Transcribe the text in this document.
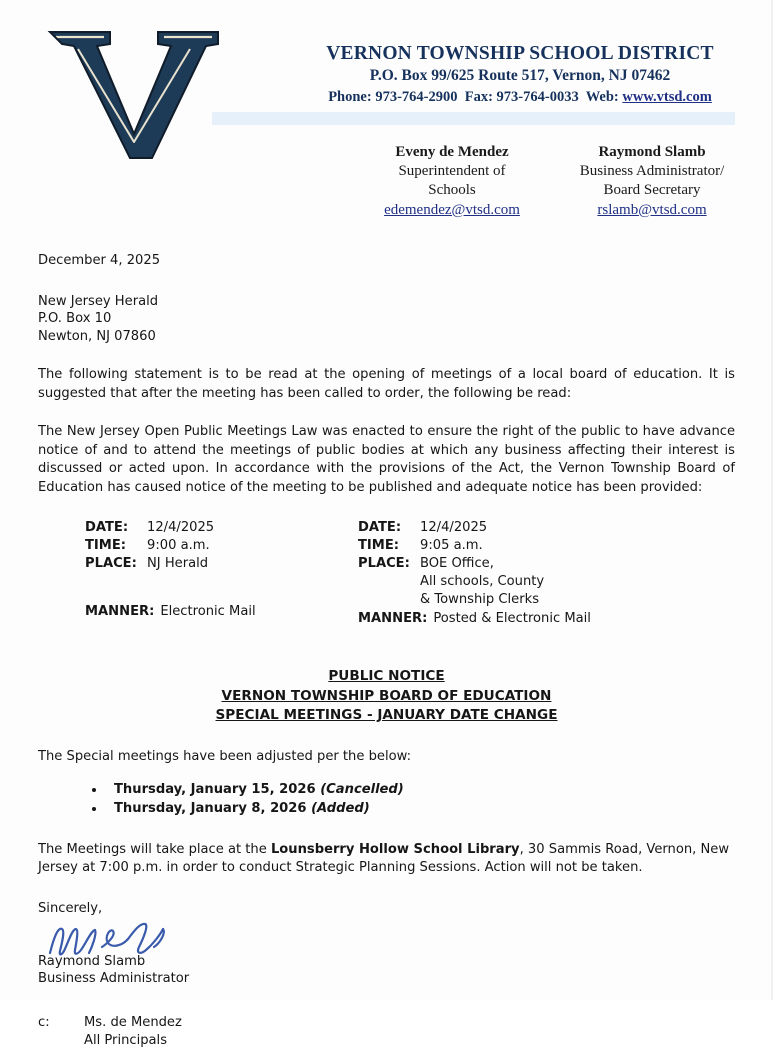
VERNON TOWNSHIP SCHOOL DISTRICT
P.O. Box 99/625 Route 517, Vernon, NJ 07462
Phone: 973-764-2900 Fax: 973-764-0033 Web: www.vtsd.com
Eveny de Mendez
Superintendent of
Schools
edemendez@vtsd.com
Raymond Slamb
Business Administrator/
Board Secretary
rslamb@vtsd.com
December 4, 2025
New Jersey Herald
P.O. Box 10
Newton, NJ 07860
The following statement is to be read at the opening of meetings of a local board of education. It is suggested that after the meeting has been called to order, the following be read:
The New Jersey Open Public Meetings Law was enacted to ensure the right of the public to have advance notice of and to attend the meetings of public bodies at which any business affecting their interest is discussed or acted upon. In accordance with the provisions of the Act, the Vernon Township Board of Education has caused notice of the meeting to be published and adequate notice has been provided:
DATE:	12/4/2025
TIME:	9:00 a.m.
PLACE: NJ Herald
MANNER: Electronic Mail
DATE:	12/4/2025
TIME:	9:05 a.m.
PLACE: BOE Office,
All schools, County
& Township Clerks
MANNER: Posted & Electronic Mail
PUBLIC NOTICE
VERNON TOWNSHIP BOARD OF EDUCATION
SPECIAL MEETINGS - JANUARY DATE CHANGE
The Special meetings have been adjusted per the below:
• Thursday, January 15, 2026 (Cancelled)
• Thursday, January 8, 2026 (Added)
The Meetings will take place at the Lounsberry Hollow School Library, 30 Sammis Road, Vernon, New Jersey at 7:00 p.m. in order to conduct Strategic Planning Sessions. Action will not be taken.
Sincerely,
Raymond Slamb
Business Administrator
c:	Ms. de Mendez
All Principals
